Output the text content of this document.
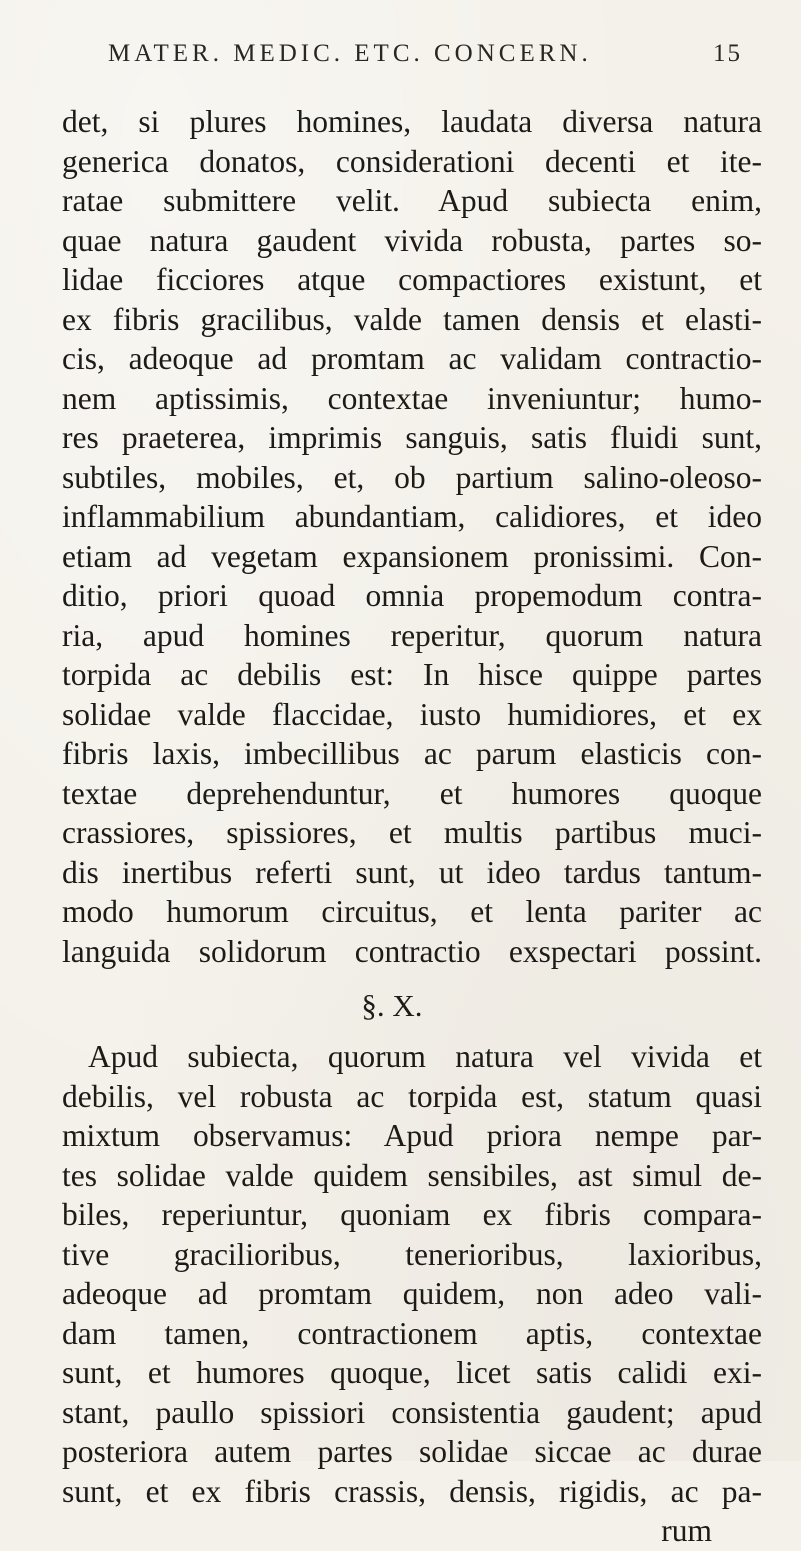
MATER. MEDIC. ETC. CONCERN.	15
det, si plures homines, laudata diversa natura
generica donatos, considerationi decenti et ite-
ratae submittere velit. Apud subiecta enim,
quae natura gaudent vivida robusta, partes so-
lidae ficciores atque compactiores existunt, et
ex fibris gracilibus, valde tamen densis et elasti-
cis, adeoque ad promtam ac validam contractio-
nem aptissimis, contextae inveniuntur; humo-
res praeterea, imprimis sanguis, satis fluidi sunt,
subtiles, mobiles, et, ob partium salino-oleoso-
inflammabilium abundantiam, calidiores, et ideo
etiam ad vegetam expansionem pronissimi. Con-
ditio, priori quoad omnia propemodum contra-
ria, apud homines reperitur, quorum natura
torpida ac debilis est: In hisce quippe partes
solidae valde flaccidae, iusto humidiores, et ex
fibris laxis, imbecillibus ac parum elasticis con-
textae deprehenduntur, et humores quoque
crassiores, spissiores, et multis partibus muci-
dis inertibus referti sunt, ut ideo tardus tantum-
modo humorum circuitus, et lenta pariter ac
languida solidorum contractio exspectari possint.
§. X.
Apud subiecta, quorum natura vel vivida et
debilis, vel robusta ac torpida est, statum quasi
mixtum observamus: Apud priora nempe par-
tes solidae valde quidem sensibiles, ast simul de-
biles, reperiuntur, quoniam ex fibris compara-
tive gracilioribus, tenerioribus, laxioribus,
adeoque ad promtam quidem, non adeo vali-
dam tamen, contractionem aptis, contextae
sunt, et humores quoque, licet satis calidi exi-
stant, paullo spissiori consistentia gaudent; apud
posteriora autem partes solidae siccae ac durae
sunt, et ex fibris crassis, densis, rigidis, ac pa-
rum
